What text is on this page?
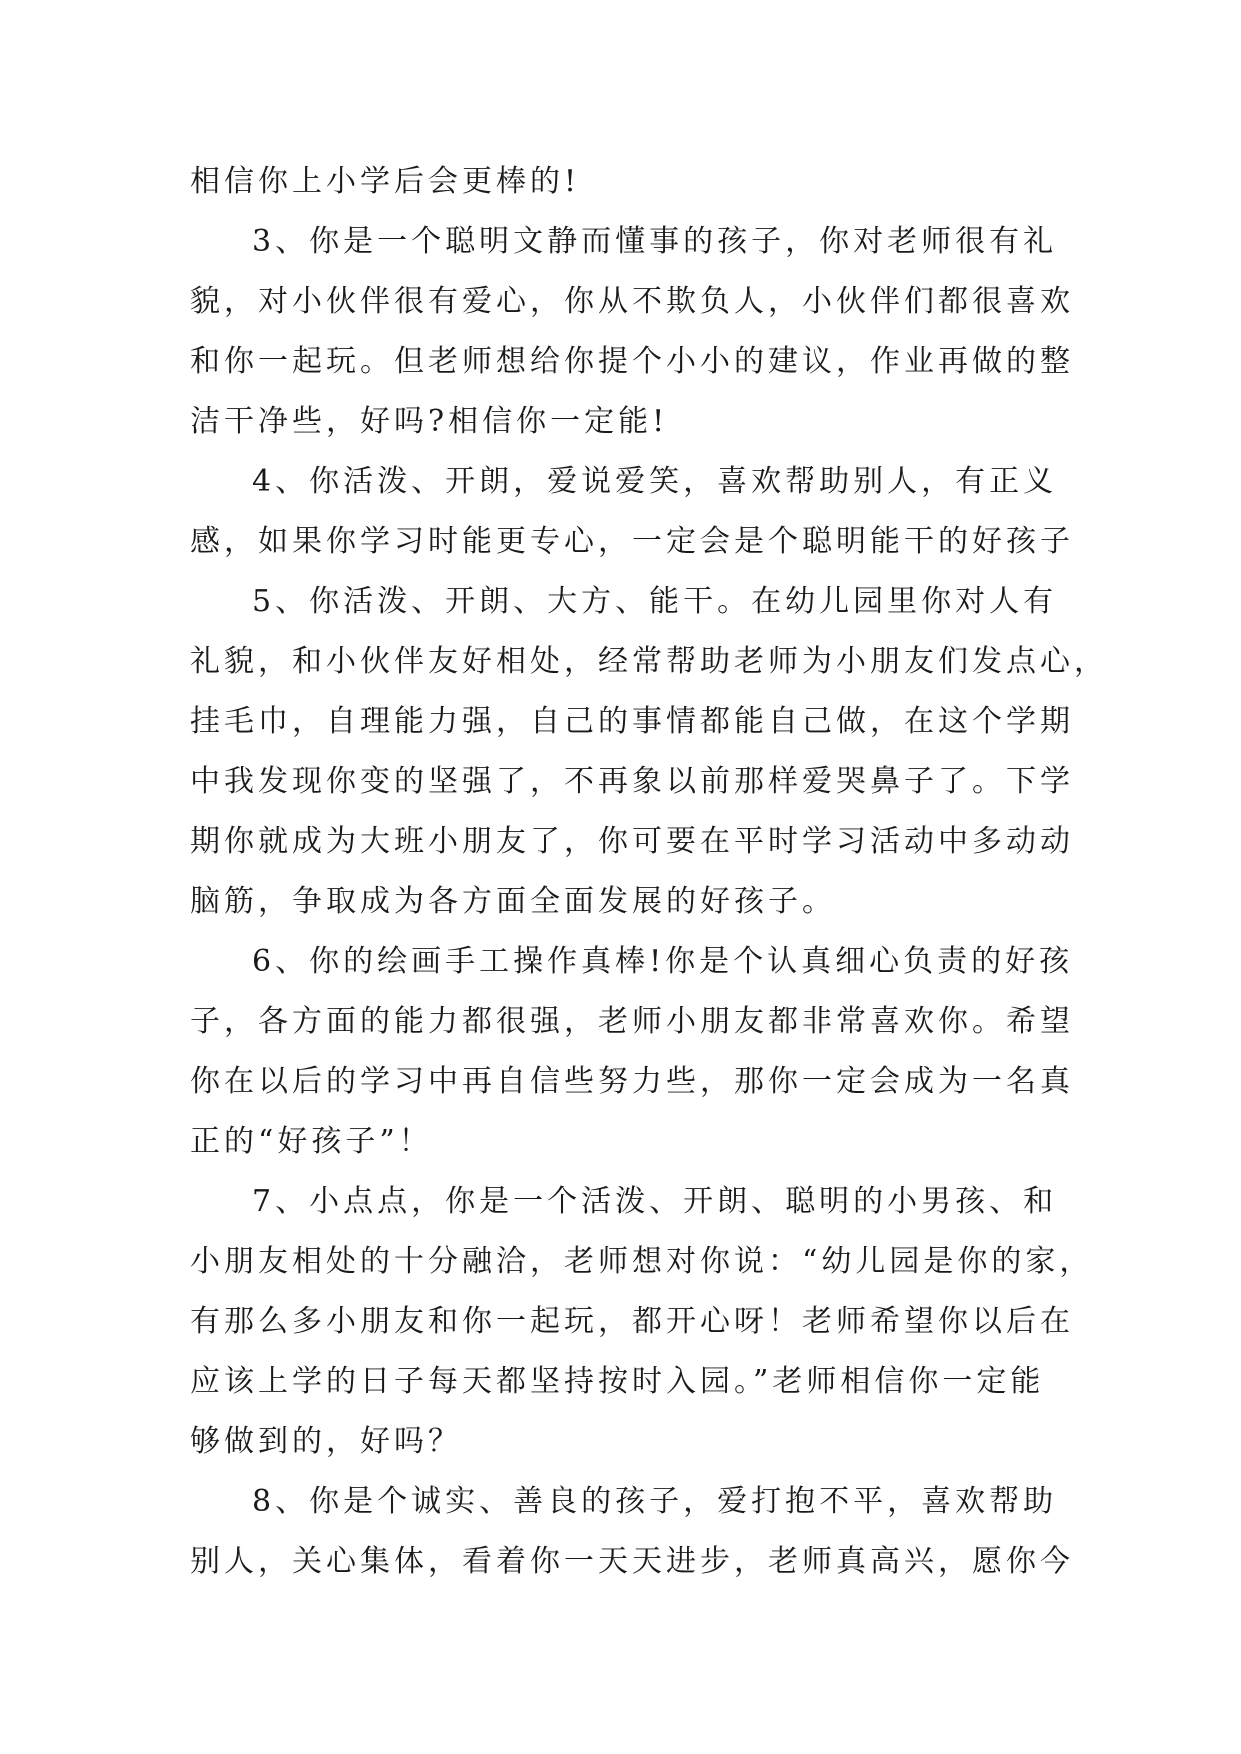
相信你上小学后会更棒的!
3、你是一个聪明文静而懂事的孩子，你对老师很有礼
貌，对小伙伴很有爱心，你从不欺负人，小伙伴们都很喜欢
和你一起玩。但老师想给你提个小小的建议，作业再做的整
洁干净些，好吗?相信你一定能!
4、你活泼、开朗，爱说爱笑，喜欢帮助别人，有正义
感，如果你学习时能更专心，一定会是个聪明能干的好孩子
5、你活泼、开朗、大方、能干。在幼儿园里你对人有
礼貌，和小伙伴友好相处，经常帮助老师为小朋友们发点心，
挂毛巾，自理能力强，自己的事情都能自己做，在这个学期
中我发现你变的坚强了，不再象以前那样爱哭鼻子了。下学
期你就成为大班小朋友了，你可要在平时学习活动中多动动
脑筋，争取成为各方面全面发展的好孩子。
6、你的绘画手工操作真棒!你是个认真细心负责的好孩
子，各方面的能力都很强，老师小朋友都非常喜欢你。希望
你在以后的学习中再自信些努力些，那你一定会成为一名真
正的“好孩子”！
7、小点点，你是一个活泼、开朗、聪明的小男孩、和
小朋友相处的十分融洽，老师想对你说：“幼儿园是你的家，
有那么多小朋友和你一起玩，都开心呀！老师希望你以后在
应该上学的日子每天都坚持按时入园。”老师相信你一定能
够做到的，好吗？
8、你是个诚实、善良的孩子，爱打抱不平，喜欢帮助
别人，关心集体，看着你一天天进步，老师真高兴，愿你今
